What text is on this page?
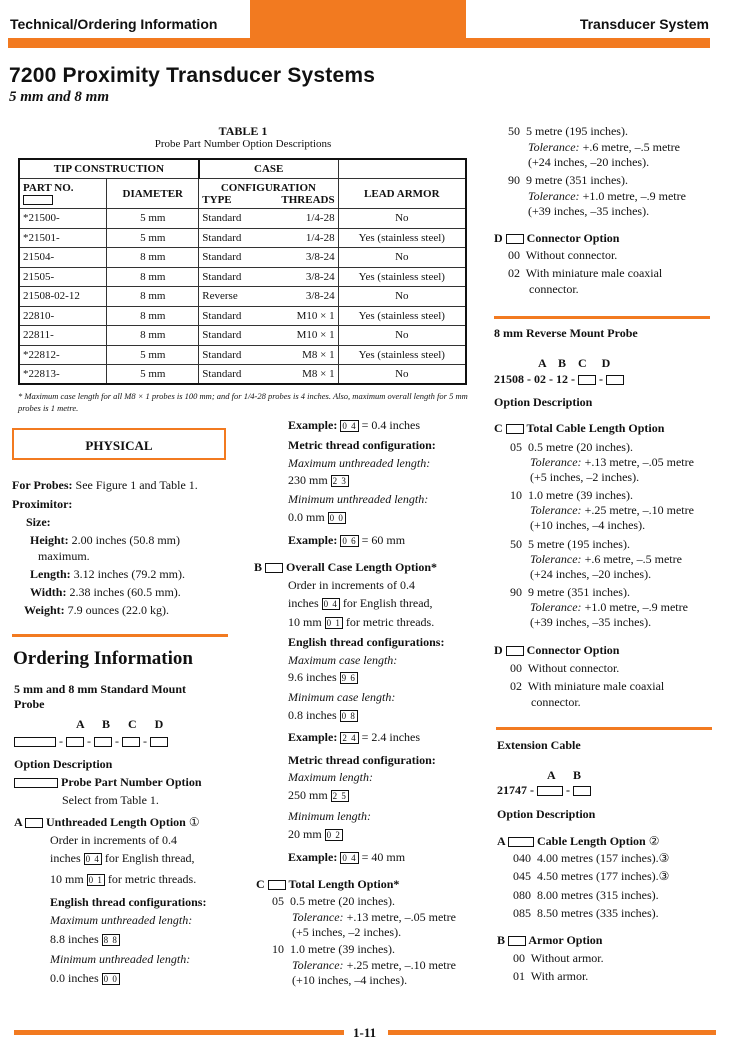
Technical/Ordering Information	Transducer System
7200 Proximity Transducer Systems
5 mm and 8 mm
TABLE 1
Probe Part Number Option Descriptions
TIP CONSTRUCTION		CASE		

PART NO.	DIAMETER	CONFIGURATION
TYPE THREADS		LEAD ARMOR
*21500-	5 mm	Standard	1/4-28	No
*21501-	5 mm	Standard	1/4-28	Yes (stainless steel)
21504-	8 mm	Standard	3/8-24	No
21505-	8 mm	Standard	3/8-24	Yes (stainless steel)
21508-02-12	8 mm	Reverse	3/8-24	No
22810-	8 mm	Standard	M10 × 1	Yes (stainless steel)
22811-	8 mm	Standard	M10 × 1	No
*22812-	5 mm	Standard	M8 × 1	Yes (stainless steel)
*22813-	5 mm	Standard	M8 × 1	No
* Maximum case length for all M8 × 1 probes is 100 mm; and for 1/4-28 probes is 4 inches. Also, maximum overall length for 5 mm probes is 1 metre.
PHYSICAL
For Probes: See Figure 1 and Table 1.
Proximitor:
Size:
Height: 2.00 inches (50.8 mm)
maximum.
Length: 3.12 inches (79.2 mm).
Width: 2.38 inches (60.5 mm).
Weight: 7.9 ounces (22.0 kg).
Ordering Information
5 mm and 8 mm Standard Mount
Probe
A      B      C      D
-  -  -  -
Option Description
Probe Part Number Option
Select from Table 1.
A Unthreaded Length Option ①
Order in increments of 0.4
inches 0 4 for English thread,
10 mm 0 1 for metric threads.
English thread configurations:
Maximum unthreaded length:
8.8 inches 8 8
Minimum unthreaded length:
0.0 inches 0 0
Example: 0 4 = 0.4 inches
Metric thread configuration:
Maximum unthreaded length:
230 mm 2 3
Minimum unthreaded length:
0.0 mm 0 0
Example: 0 6 = 60 mm
B Overall Case Length Option*
Order in increments of 0.4
inches 0 4 for English thread,
10 mm 0 1 for metric threads.
English thread configurations:
Maximum case length:
9.6 inches 9 6
Minimum case length:
0.8 inches 0 8
Example: 2 4 = 2.4 inches
Metric thread configuration:
Maximum length:
250 mm 2 5
Minimum length:
20 mm 0 2
Example: 0 4 = 40 mm
C Total Length Option*
05 0.5 metre (20 inches).
Tolerance: +.13 metre, –.05 metre
(+5 inches, –2 inches).
10 1.0 metre (39 inches).
Tolerance: +.25 metre, –.10 metre
(+10 inches, –4 inches).
50 5 metre (195 inches).
Tolerance: +.6 metre, –.5 metre
(+24 inches, –20 inches).
90 9 metre (351 inches).
Tolerance: +1.0 metre, –.9 metre
(+39 inches, –35 inches).
D Connector Option
00 Without connector.
02 With miniature male coaxial
connector.
8 mm Reverse Mount Probe
A    B    C     D
21508 - 02 - 12 -  -
Option Description
C Total Cable Length Option
05 0.5 metre (20 inches).
Tolerance: +.13 metre, –.05 metre
(+5 inches, –2 inches).
10 1.0 metre (39 inches).
Tolerance: +.25 metre, –.10 metre
(+10 inches, –4 inches).
50 5 metre (195 inches).
Tolerance: +.6 metre, –.5 metre
(+24 inches, –20 inches).
90 9 metre (351 inches).
Tolerance: +1.0 metre, –.9 metre
(+39 inches, –35 inches).
D Connector Option
00 Without connector.
02 With miniature male coaxial
connector.
Extension Cable
A      B
21747 -  -
Option Description
A	Cable Length Option ②
040 4.00 metres (157 inches).③
045 4.50 metres (177 inches).③
080 8.00 metres (315 inches).
085 8.50 metres (335 inches).
B Armor Option
00 Without armor.
01 With armor.
1-11
